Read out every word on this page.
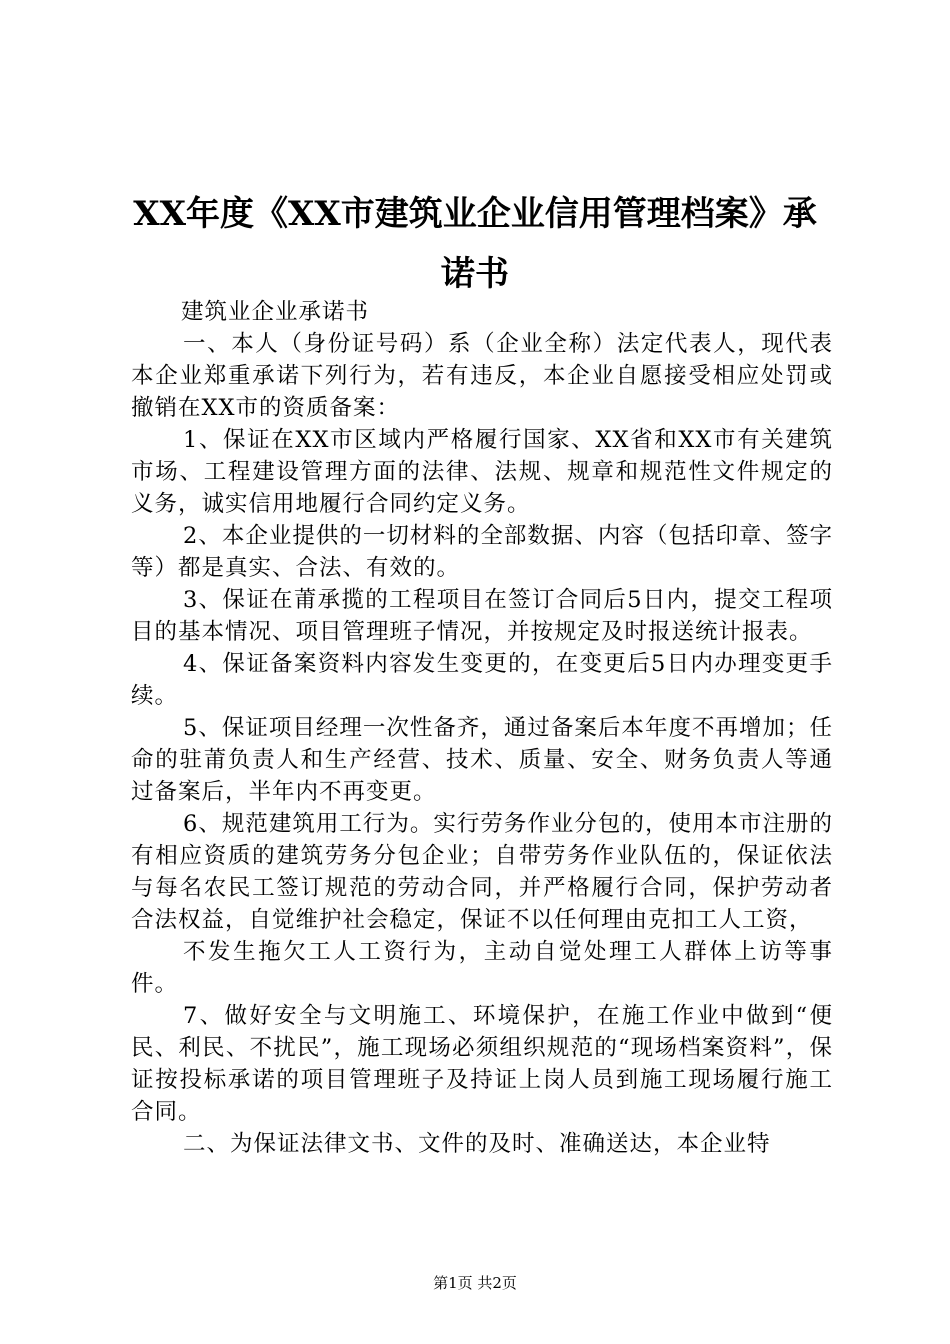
XX年度《XX市建筑业企业信用管理档案》承诺书

建筑业企业承诺书

一、本人（身份证号码）系（企业全称）法定代表人，现代表本企业郑重承诺下列行为，若有违反，本企业自愿接受相应处罚或撤销在XX市的资质备案：

1、保证在XX市区域内严格履行国家、XX省和XX市有关建筑市场、工程建设管理方面的法律、法规、规章和规范性文件规定的义务，诚实信用地履行合同约定义务。

2、本企业提供的一切材料的全部数据、内容（包括印章、签字等）都是真实、合法、有效的。

3、保证在莆承揽的工程项目在签订合同后5日内，提交工程项目的基本情况、项目管理班子情况，并按规定及时报送统计报表。

4、保证备案资料内容发生变更的，在变更后5日内办理变更手续。

5、保证项目经理一次性备齐，通过备案后本年度不再增加；任命的驻莆负责人和生产经营、技术、质量、安全、财务负责人等通过备案后，半年内不再变更。

6、规范建筑用工行为。实行劳务作业分包的，使用本市注册的有相应资质的建筑劳务分包企业；自带劳务作业队伍的，保证依法与每名农民工签订规范的劳动合同，并严格履行合同，保护劳动者合法权益，自觉维护社会稳定，保证不以任何理由克扣工人工资，

不发生拖欠工人工资行为，主动自觉处理工人群体上访等事件。

7、做好安全与文明施工、环境保护，在施工作业中做到“便民、利民、不扰民”，施工现场必须组织规范的“现场档案资料”，保证按投标承诺的项目管理班子及持证上岗人员到施工现场履行施工合同。

二、为保证法律文书、文件的及时、准确送达，本企业特

第1页 共2页
